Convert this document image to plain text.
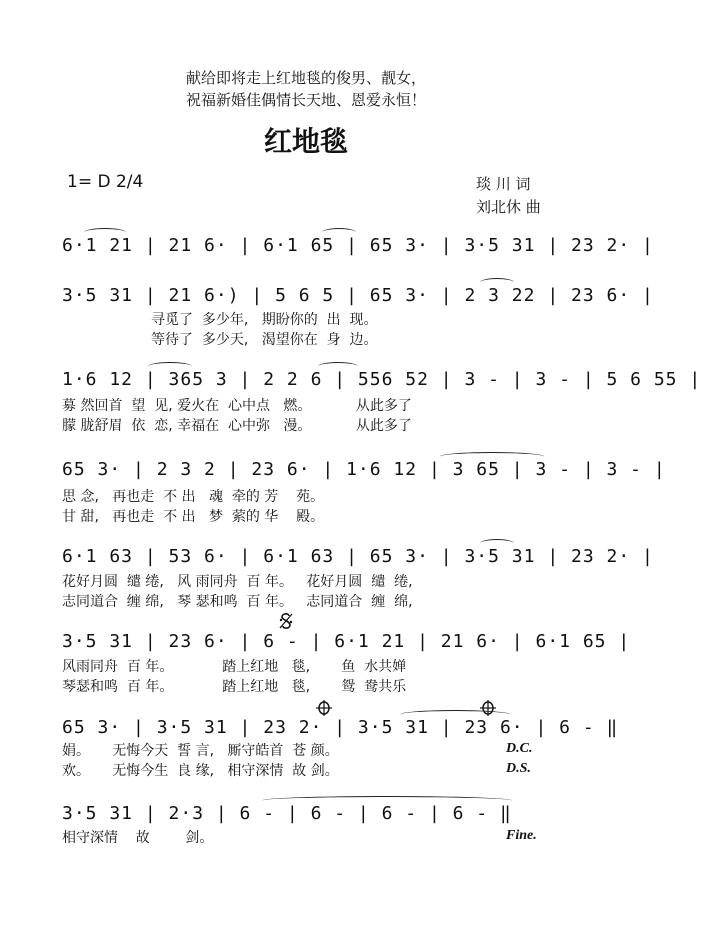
献给即将走上红地毯的俊男、靓女，
祝福新婚佳偶情长天地、恩爱永恒！
红地毯
1= D 2/4	琰 川 词
刘北休 曲
6·1 21 | 21 6· | 6·1 65 | 65 3· | 3·5 31 | 23 2· |
3·5 31 | 21 6·) | 5 6 5 | 65 3· | 2 3 22 | 23 6· |
寻觅了  多少年,   期盼你的  出  现。
等待了  多少天,   渴望你在  身  边。
1·6 12 | 365 3 | 2 2 6 | 556 52 | 3 - | 3 - | 5 6 55 |
募 然回首  望  见, 爱火在  心中点   燃。          从此多了
朦 胧舒眉  依  恋, 幸福在  心中弥   漫。          从此多了
65 3· | 2 3 2 | 23 6· | 1·6 12 | 3 65 | 3 - | 3 - |
思 念,   再也走  不 出   魂  牵的 芳    苑。
甘 甜,   再也走  不 出   梦  萦的 华    殿。
6·1 63 | 53 6· | 6·1 63 | 65 3· | 3·5 31 | 23 2· |
花好月圆  缱 绻,   风 雨同舟  百 年。   花好月圆  缱  绻,
志同道合  缠 绵,   琴 瑟和鸣  百 年。   志同道合  缠  绵,
3·5 31 | 23 6· | 6 - | 6·1 21 | 21 6· | 6·1 65 |
风雨同舟  百 年。           踏上红地   毯,       鱼  水共婵
琴瑟和鸣  百 年。           踏上红地   毯,       鸳  鸯共乐
65 3· | 3·5 31 | 23 2· | 3·5 31 | 23 6· | 6 - ‖
娟。     无悔今天  誓 言,   厮守皓首  苍 颜。
欢。     无悔今生  良 缘,   相守深情  故 剑。
D.C.
D.S.
3·5 31 | 2·3 | 6 - | 6 - | 6 - | 6 - ‖
相守深情    故        剑。	Fine.
